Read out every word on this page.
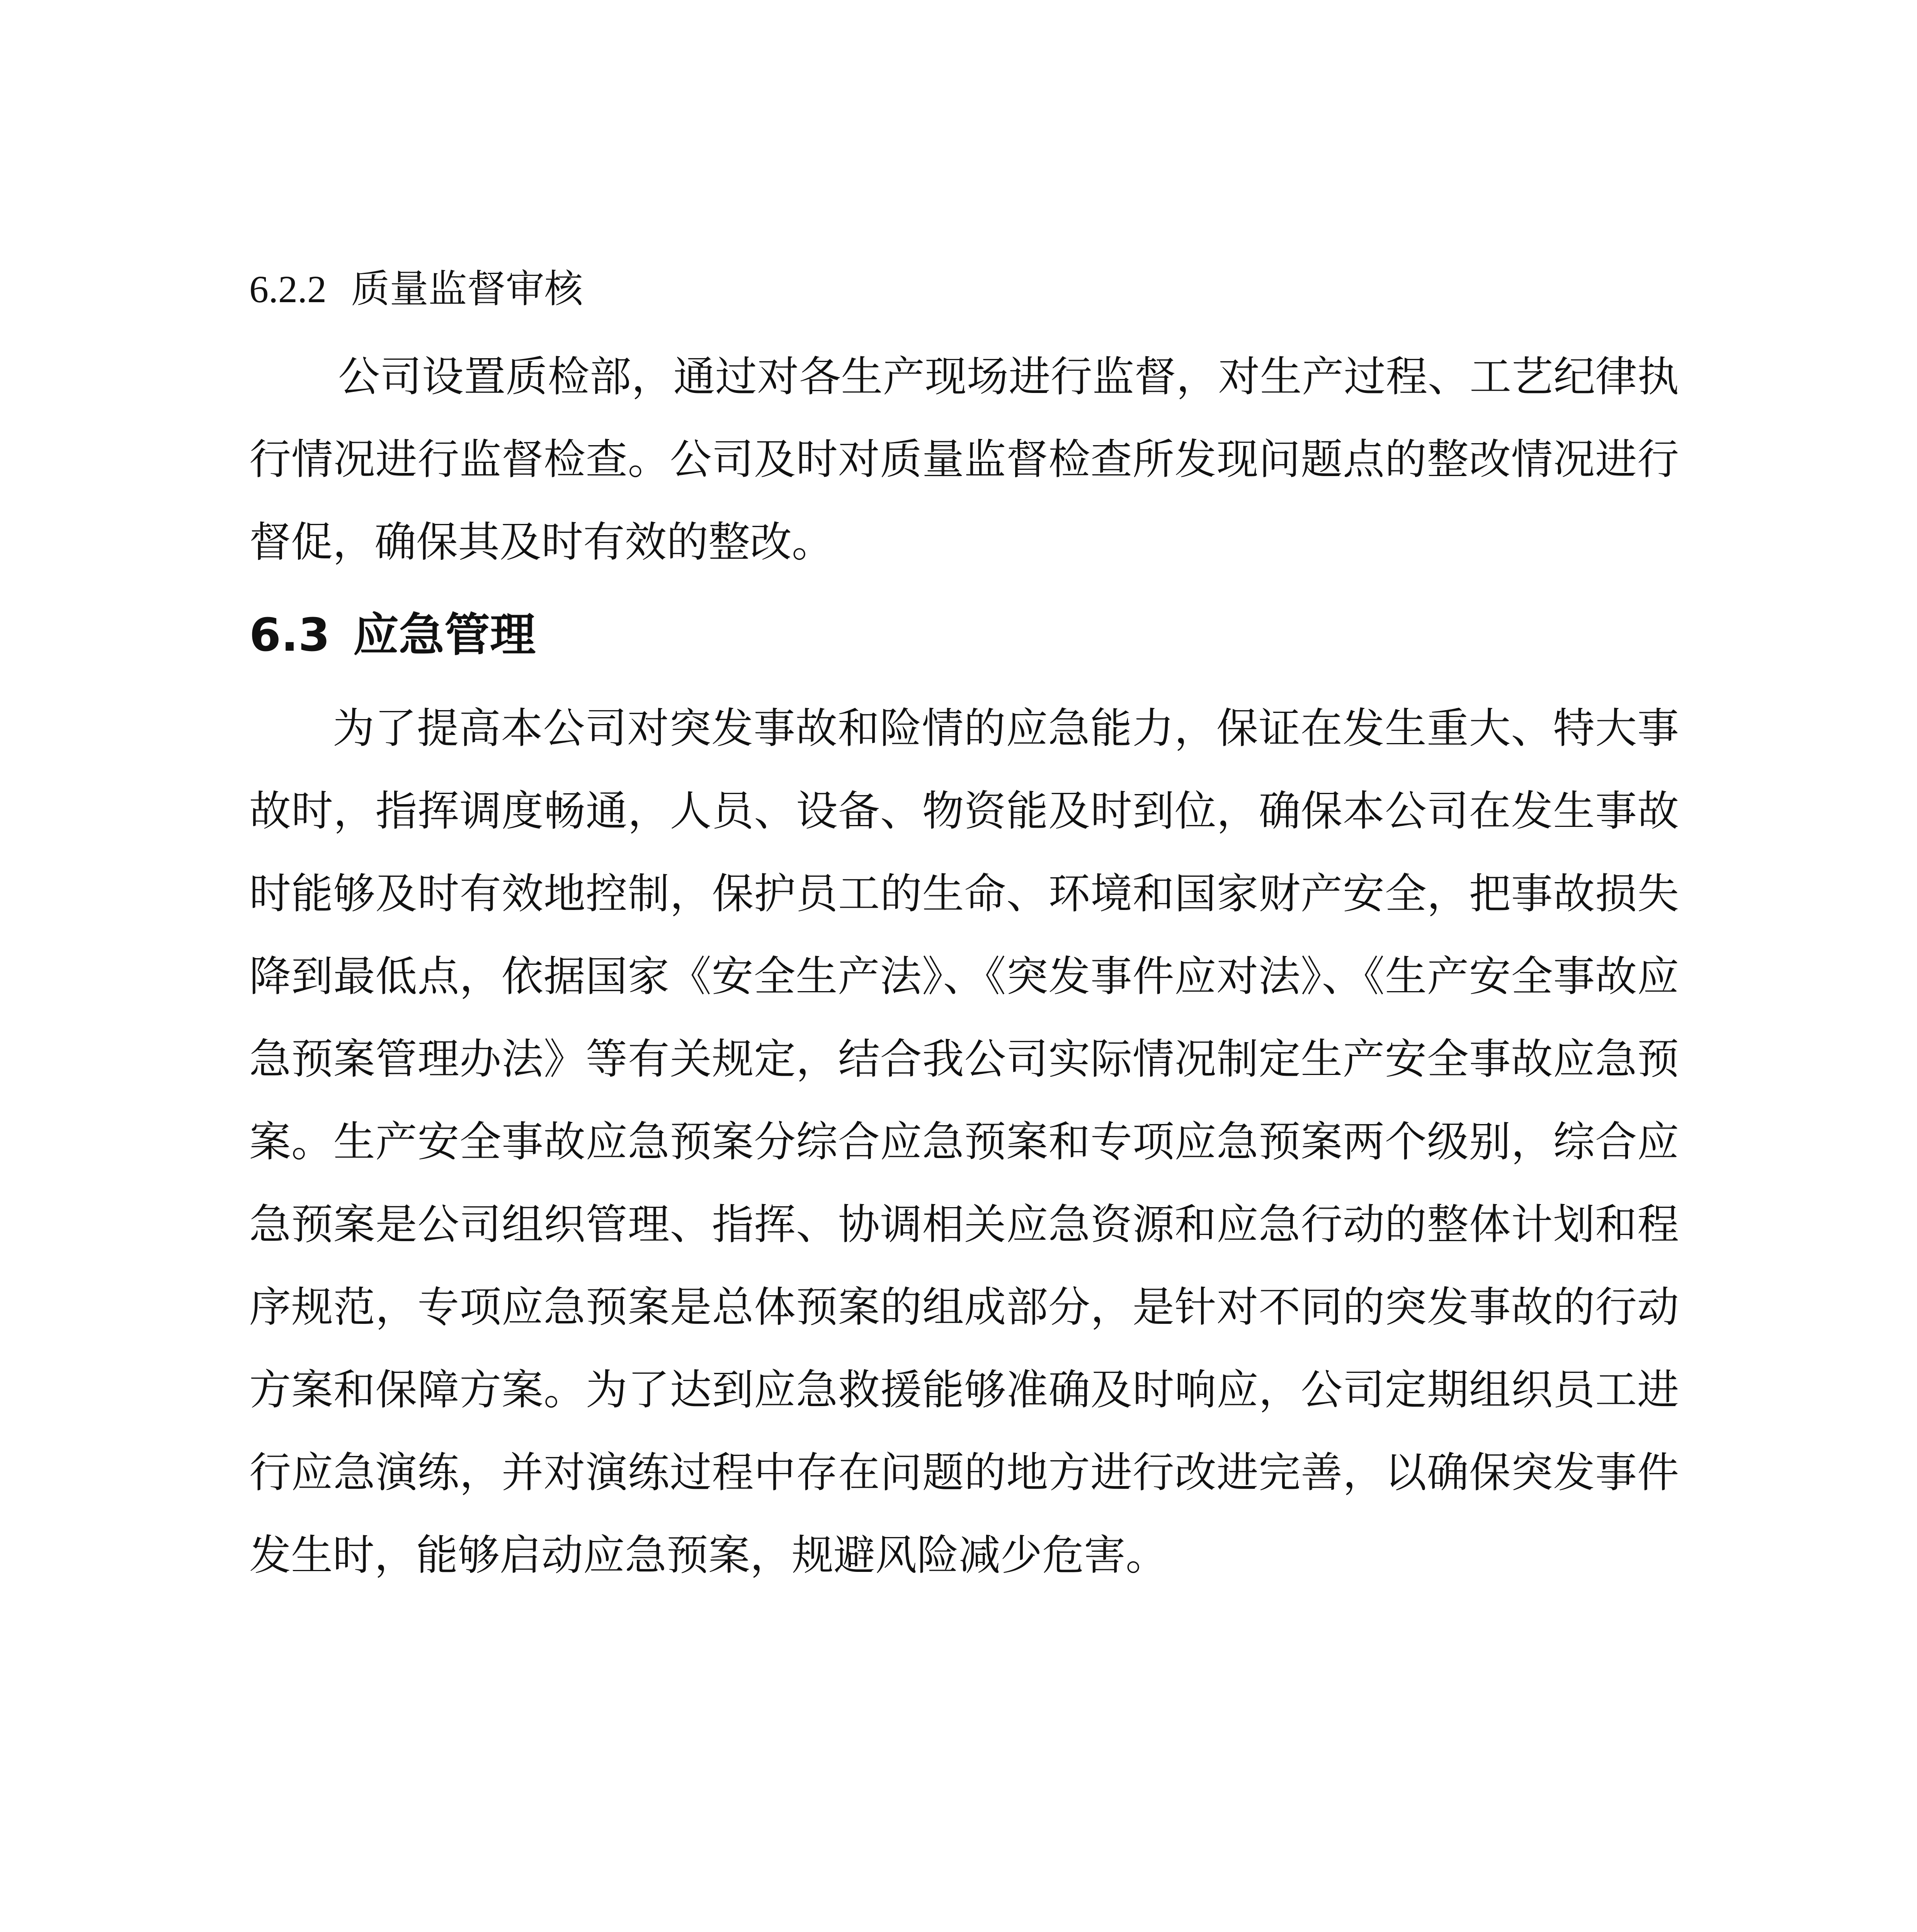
6.2.2 质量监督审核

公司设置质检部，通过对各生产现场进行监督，对生产过程、工艺纪律执行情况进行监督检查。公司及时对质量监督检查所发现问题点的整改情况进行督促，确保其及时有效的整改。

6.3 应急管理

为了提高本公司对突发事故和险情的应急能力，保证在发生重大、特大事故时，指挥调度畅通，人员、设备、物资能及时到位，确保本公司在发生事故时能够及时有效地控制，保护员工的生命、环境和国家财产安全，把事故损失降到最低点，依据国家《安全生产法》、《突发事件应对法》、《生产安全事故应急预案管理办法》等有关规定，结合我公司实际情况制定生产安全事故应急预案。生产安全事故应急预案分综合应急预案和专项应急预案两个级别，综合应急预案是公司组织管理、指挥、协调相关应急资源和应急行动的整体计划和程序规范，专项应急预案是总体预案的组成部分，是针对不同的突发事故的行动方案和保障方案。为了达到应急救援能够准确及时响应，公司定期组织员工进行应急演练，并对演练过程中存在问题的地方进行改进完善，以确保突发事件发生时，能够启动应急预案，规避风险减少危害。
